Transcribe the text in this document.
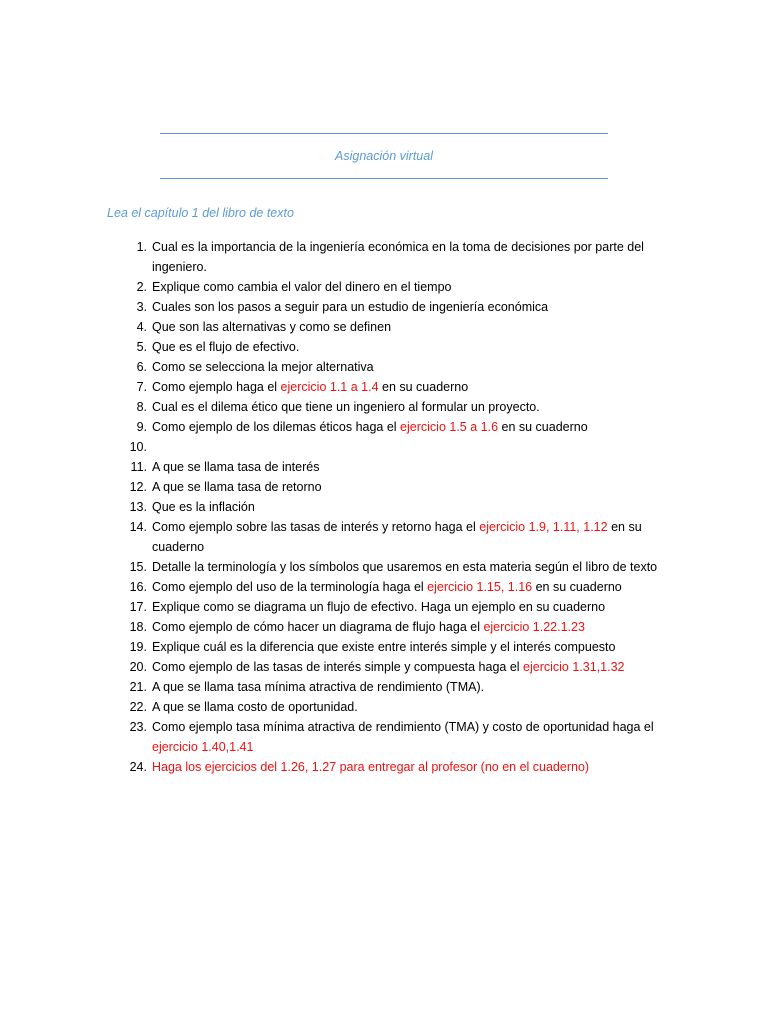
Asignación virtual
Lea el capítulo 1 del libro de texto
1. Cual es la importancia de la ingeniería económica en la toma de decisiones por parte del ingeniero.
2. Explique como cambia el valor del dinero en el tiempo
3. Cuales son los pasos a seguir para un estudio de ingeniería económica
4. Que son las alternativas y como se definen
5. Que es el flujo de efectivo.
6. Como se selecciona la mejor alternativa
7. Como ejemplo haga el ejercicio 1.1 a 1.4 en su cuaderno
8. Cual es el dilema ético que tiene un ingeniero al formular un proyecto.
9. Como ejemplo de los dilemas éticos haga el ejercicio 1.5 a 1.6 en su cuaderno
10.
11. A que se llama tasa de interés
12. A que se llama tasa de retorno
13. Que es la inflación
14. Como ejemplo sobre las tasas de interés y retorno haga el ejercicio 1.9, 1.11, 1.12 en su cuaderno
15. Detalle la terminología y los símbolos que usaremos en esta materia según el libro de texto
16. Como ejemplo del uso de la terminología haga el ejercicio 1.15, 1.16 en su cuaderno
17. Explique como se diagrama un flujo de efectivo. Haga un ejemplo en su cuaderno
18. Como ejemplo de cómo hacer un diagrama de flujo haga el ejercicio 1.22.1.23
19. Explique cuál es la diferencia que existe entre interés simple y el interés compuesto
20. Como ejemplo de las tasas de interés simple y compuesta haga el ejercicio 1.31,1.32
21. A que se llama tasa mínima atractiva de rendimiento (TMA).
22. A que se llama costo de oportunidad.
23. Como ejemplo tasa mínima atractiva de rendimiento (TMA) y costo de oportunidad haga el ejercicio 1.40,1.41
24. Haga los ejercicios del 1.26, 1.27 para entregar al profesor (no en el cuaderno)
